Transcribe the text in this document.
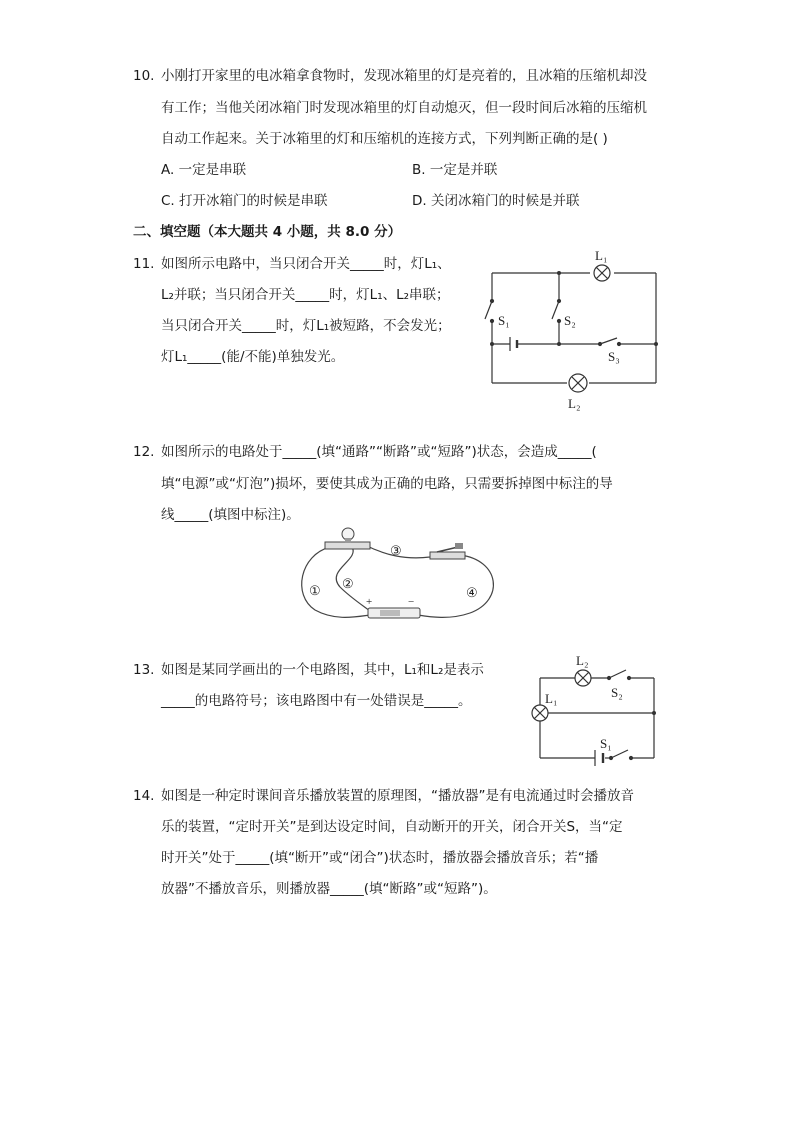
10. 小刚打开家里的电冰箱拿食物时，发现冰箱里的灯是亮着的，且冰箱的压缩机却没
有工作；当他关闭冰箱门时发现冰箱里的灯自动熄灭，但一段时间后冰箱的压缩机
自动工作起来。关于冰箱里的灯和压缩机的连接方式，下列判断正确的是( )
A. 一定是串联	B. 一定是并联
C. 打开冰箱门的时候是串联	D. 关闭冰箱门的时候是并联
二、填空题（本大题共 4 小题，共 8.0 分）
11. 如图所示电路中，当只闭合开关_____时，灯L₁、
L₂并联；当只闭合开关_____时，灯L₁、L₂串联；
当只闭合开关_____时，灯L₁被短路，不会发光；
灯L₁_____(能/不能)单独发光。
L₁
L₂
S₁	S₂
S₃
12. 如图所示的电路处于_____(填“通路”“断路”或“短路”)状态，会造成_____(
填“电源”或“灯泡”)损坏，要使其成为正确的电路，只需要拆掉图中标注的导
线_____(填图中标注)。
+	−
① ②
③
④
13. 如图是某同学画出的一个电路图，其中，L₁和L₂是表示
_____的电路符号；该电路图中有一处错误是_____。	L₁
L₂
S₂
S₁
14. 如图是一种定时课间音乐播放装置的原理图，“播放器”是有电流通过时会播放音
乐的装置，“定时开关”是到达设定时间，自动断开的开关，闭合开关S，当“定
时开关”处于_____(填“断开”或“闭合”)状态时，播放器会播放音乐；若“播
放器”不播放音乐，则播放器_____(填“断路”或“短路”)。
